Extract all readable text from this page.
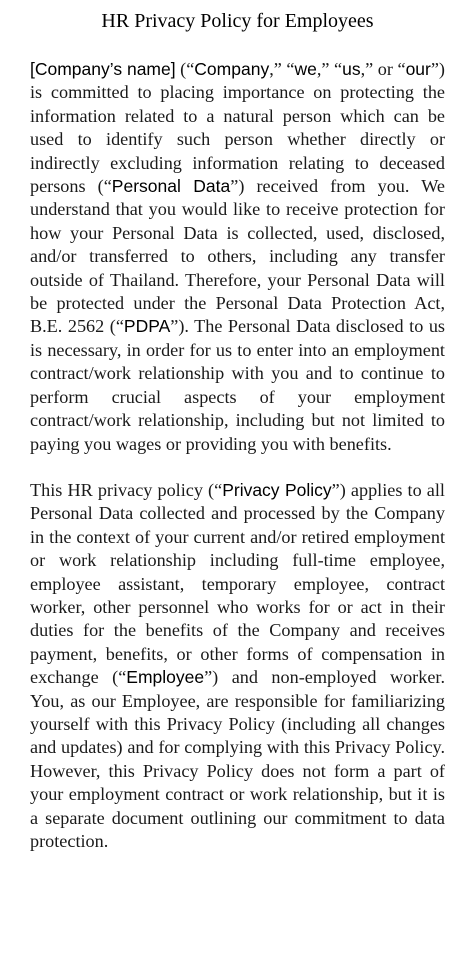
HR Privacy Policy for Employees

[Company’s name] (“Company,” “we,” “us,” or “our”) is committed to placing importance on protecting the information related to a natural person which can be used to identify such person whether directly or indirectly excluding information relating to deceased persons (“Personal Data”) received from you. We understand that you would like to receive protection for how your Personal Data is collected, used, disclosed, and/or transferred to others, including any transfer outside of Thailand. Therefore, your Personal Data will be protected under the Personal Data Protection Act, B.E. 2562 (“PDPA”). The Personal Data disclosed to us is necessary, in order for us to enter into an employment contract/work relationship with you and to continue to perform crucial aspects of your employment contract/work relationship, including but not limited to paying you wages or providing you with benefits.

This HR privacy policy (“Privacy Policy”) applies to all Personal Data collected and processed by the Company in the context of your current and/or retired employment or work relationship including full-time employee, employee assistant, temporary employee, contract worker, other personnel who works for or act in their duties for the benefits of the Company and receives payment, benefits, or other forms of compensation in exchange (“Employee”) and non-employed worker. You, as our Employee, are responsible for familiarizing yourself with this Privacy Policy (including all changes and updates) and for complying with this Privacy Policy. However, this Privacy Policy does not form a part of your employment contract or work relationship, but it is a separate document outlining our commitment to data protection.
